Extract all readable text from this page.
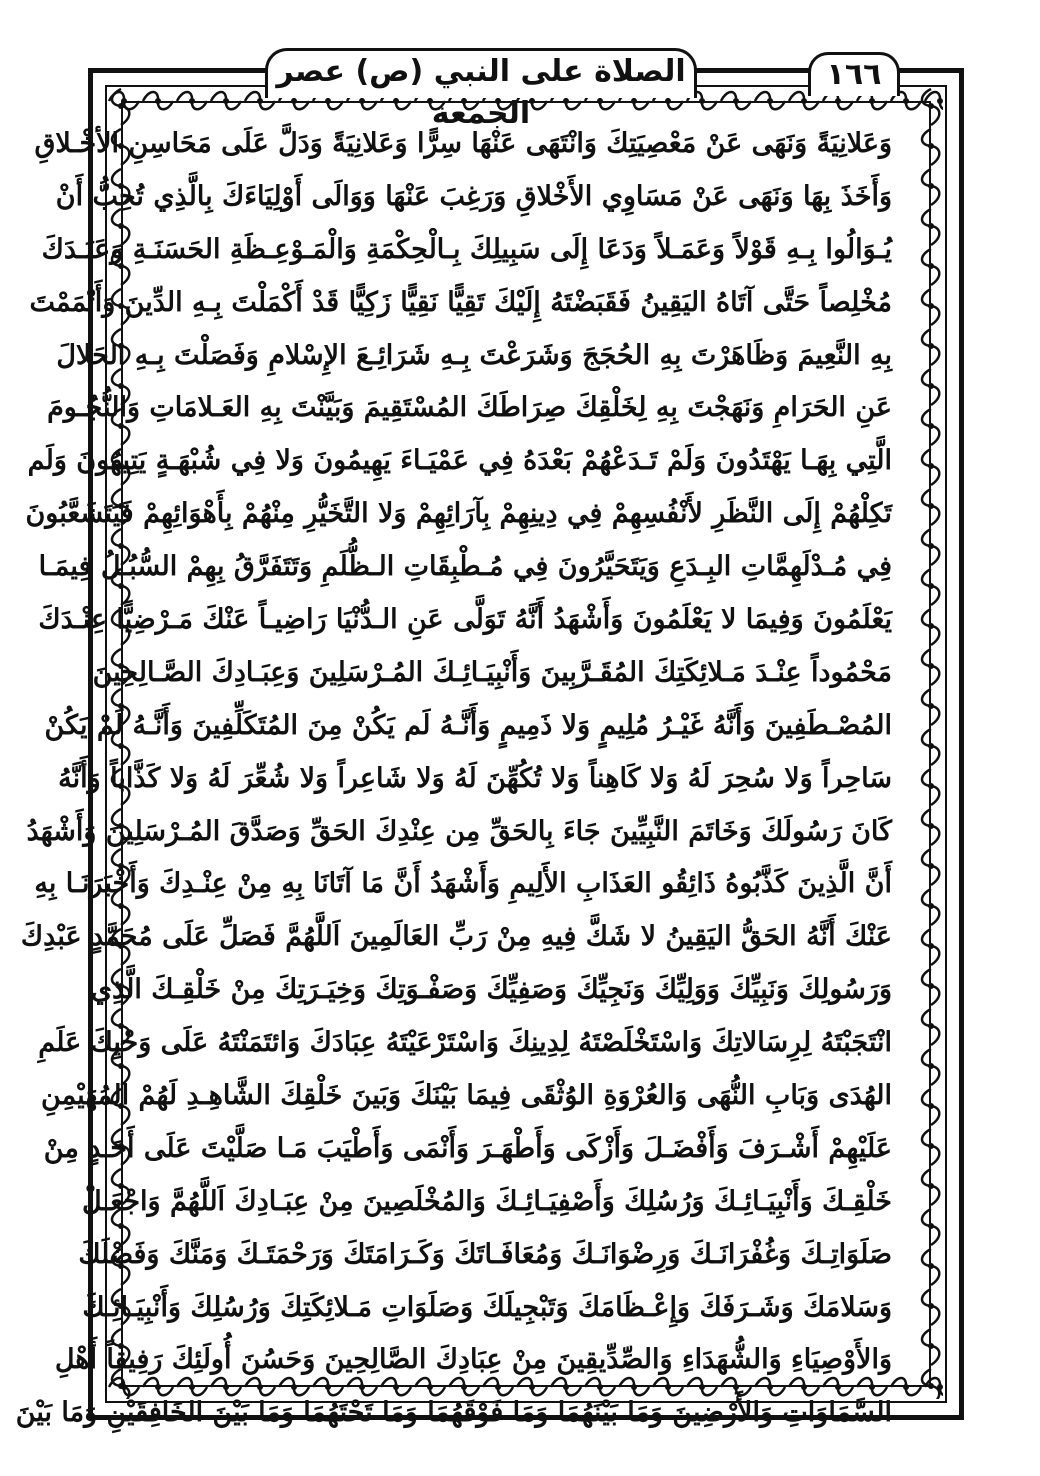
الصلاة على النبي (ص) عصر الجمعة
١٦٦
وَعَلانِيَةً وَنَهَى عَنْ مَعْصِيَتِكَ وَانْتَهَى عَنْهَا سِرًّا وَعَلانِيَةً وَدَلَّ عَلَى مَحَاسِنِ الأخْـلاقِ
وَأَخَذَ بِهَا وَنَهَى عَنْ مَسَاوِي الأَخْلاقِ وَرَغِبَ عَنْهَا وَوَالَى أَوْلِيَاءَكَ بِالَّذِي تُحِبُّ أَنْ
يُـوَالُوا بِـهِ قَوْلاً وَعَمَـلاً وَدَعَا إِلَى سَبِيلِكَ بِـالْحِكْمَةِ وَالْمَـوْعِـظَةِ الحَسَنَـةِ وَعَبَـدَكَ
مُخْلِصاً حَتَّى آتَاهُ اليَقِينُ فَقَبَضْتَهُ إِلَيْكَ تَقِيًّا نَقِيًّا زَكِيًّا قَدْ أَكْمَلْتَ بِـهِ الدِّينَ وَأَتْمَمْتَ
بِهِ النَّعِيمَ وَظَاهَرْتَ بِهِ الحُجَجَ وَشَرَعْتَ بِـهِ شَرَائِـعَ الإِسْلامِ وَفَصَلْتَ بِـهِ الحَلالَ
عَنِ الحَرَامِ وَنَهَجْتَ بِهِ لِخَلْقِكَ صِرَاطَكَ المُسْتَقِيمَ وَبَيَّنْتَ بِهِ العَـلامَاتِ وَالنُّجُـومَ
الَّتِي بِهَـا يَهْتَدُونَ وَلَمْ تَـدَعْهُمْ بَعْدَهُ فِي عَمْيَـاءَ يَهِيمُونَ وَلا فِي شُبْهَـةٍ يَتِيهُونَ وَلَم
تَكِلْهُمْ إِلَى النَّظَرِ لأَنْفُسِهِمْ فِي دِينِهِمْ بِآرَائِهِمْ وَلا التَّخَيُّرِ مِنْهُمْ بِأَهْوَائِهِمْ فَيَتَشَعَّبُونَ
فِي مُـدْلَهِمَّاتِ البِـدَعِ وَيَتَحَيَّرُونَ فِي مُـطْبِقَاتِ الـظُّلَمِ وَتَتَفَرَّقُ بِهِمْ السُّبُـلُ فِيمَـا
يَعْلَمُونَ وَفِيمَا لا يَعْلَمُونَ وَأَشْهَدُ أَنَّهُ تَوَلَّى عَنِ الـدُّنْيَا رَاضِيـاً عَنْكَ مَـرْضِيًّا عِنْـدَكَ
مَحْمُوداً عِنْـدَ مَـلائِكَتِكَ المُقَـرَّبِينَ وَأَنْبِيَـائِـكَ المُـرْسَلِينَ وَعِبَـادِكَ الصَّـالِحِينَ
المُصْـطَفِينَ وَأَنَّهُ غَيْـرُ مُلِيمٍ وَلا ذَمِيمٍ وَأَنَّـهُ لَم يَكُنْ مِنَ المُتَكَلِّفِينَ وَأَنَّـهُ لَمْ يَكُنْ
سَاحِراً وَلا سُحِرَ لَهُ وَلا كَاهِناً وَلا تُكُهِّنَ لَهُ وَلا شَاعِراً وَلا شُعِّرَ لَهُ وَلا كَذَّاباً وَأَنَّهُ
كَانَ رَسُولَكَ وَخَاتَمَ النَّبِيِّينَ جَاءَ بِالحَقِّ مِن عِنْدِكَ الحَقِّ وَصَدَّقَ المُـرْسَلِينَ وَأَشْهَدُ
أَنَّ الَّذِينَ كَذَّبُوهُ ذَائِقُو العَذَابِ الأَلِيمِ وَأَشْهَدُ أَنَّ مَا آتَانَا بِهِ مِنْ عِنْـدِكَ وَأَخْبَرَنَـا بِهِ
عَنْكَ أَنَّهُ الحَقُّ اليَقِينُ لا شَكَّ فِيهِ مِنْ رَبِّ العَالَمِينَ اَللَّهُمَّ فَصَلِّ عَلَى مُحَمَّدٍ عَبْدِكَ
وَرَسُولِكَ وَنَبِيِّكَ وَوَلِيِّكَ وَنَجِيِّكَ وَصَفِيِّكَ وَصَفْـوَتِكَ وَخِيَـرَتِكَ مِنْ خَلْقِـكَ الَّذِي
انْتَجَبْتَهُ لِرِسَالاتِكَ وَاسْتَخْلَصْتَهُ لِدِينِكَ وَاسْتَرْعَيْتَهُ عِبَادَكَ وَائتَمَنْتَهُ عَلَى وَحْيِكَ عَلَمِ
الهُدَى وَبَابِ النُّهَى وَالعُرْوَةِ الوُثْقَى فِيمَا بَيْنَكَ وَبَينَ خَلْقِكَ الشَّاهِـدِ لَهُمْ المُهَيْمِنِ
عَلَيْهِمْ أَشْـرَفَ وَأَفْضَـلَ وَأَزْكَى وَأَطْهَـرَ وَأَنْمَى وَأَطْيَبَ مَـا صَلَّيْتَ عَلَى أَحَـدٍ مِنْ
خَلْقِـكَ وَأَنْبِيَـائِـكَ وَرُسُلِكَ وَأَصْفِيَـائِـكَ وَالمُخْلَصِينَ مِنْ عِبَـادِكَ اَللَّهُمَّ وَاجْعَـلْ
صَلَوَاتِـكَ وَغُفْرَانَـكَ وَرِضْوَانَـكَ وَمُعَافَـاتَكَ وَكَـرَامَتَكَ وَرَحْمَتَـكَ وَمَنَّكَ وَفَضْلَكَ
وَسَلامَكَ وَشَـرَفَكَ وَإِعْـظَامَكَ وَتَبْجِيلَكَ وَصَلَوَاتِ مَـلائِكَتِكَ وَرُسُلِكَ وَأَنْبِيَـائِـكَ
وَالأَوْصِيَاءِ وَالشُّهَدَاءِ وَالصِّدِّيقِينَ مِنْ عِبَادِكَ الصَّالِحِينَ وَحَسُنَ أُولَئِكَ رَفِيقاً أَهْلِ
السَّمَاوَاتِ وَالأَرْضِينَ وَمَا بَيْنَهُمَا وَمَا فَوْقَهُمَا وَمَا تَحْتَهُمَا وَمَا بَيْنَ الخَافِقَيْنِ وَمَا بَيْنَ
